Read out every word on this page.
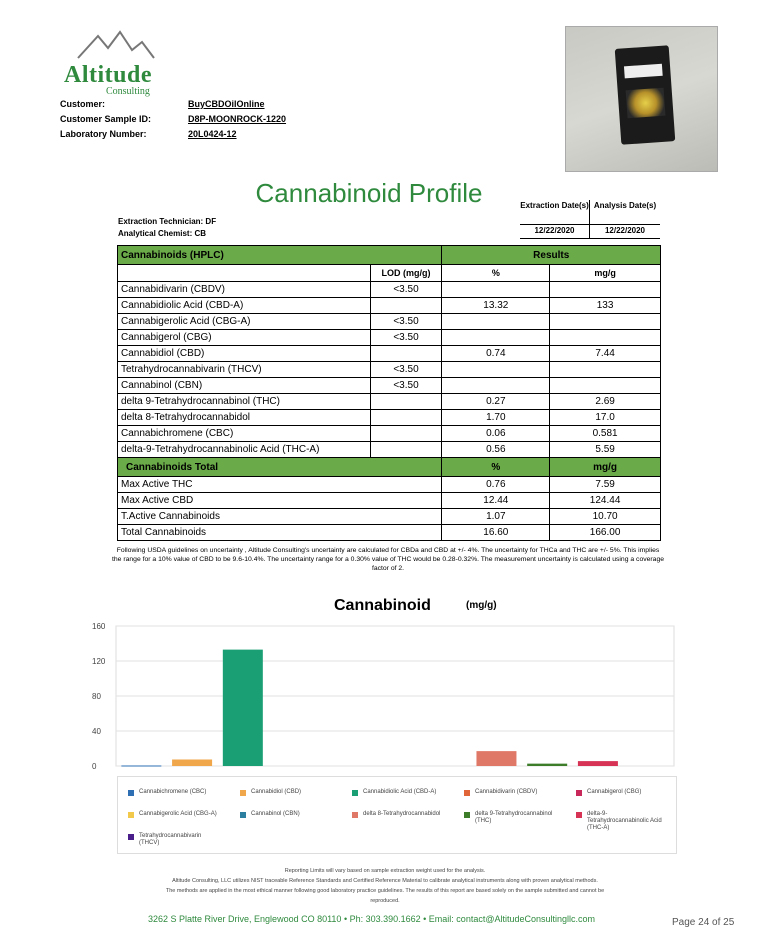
Altitude
Consulting
Customer:	BuyCBDOilOnline
Customer Sample ID:	D8P-MOONROCK-1220
Laboratory Number:	20L0424-12
Cannabinoid Profile
Extraction Technician: DF
Analytical Chemist: CB
Extraction Date(s) Analysis Date(s)
12/22/2020	12/22/2020
Cannabinoids (HPLC)		Results	
	LOD (mg/g)	%	mg/g
Cannabidivarin (CBDV)	<3.50		
Cannabidiolic Acid (CBD-A)		13.32	133
Cannabigerolic Acid (CBG-A)	<3.50		
Cannabigerol (CBG)	<3.50		
Cannabidiol (CBD)		0.74	7.44
Tetrahydrocannabivarin (THCV)	<3.50		
Cannabinol (CBN)	<3.50		
delta 9-Tetrahydrocannabinol (THC)		0.27	2.69
delta 8-Tetrahydrocannabidol		1.70	17.0
Cannabichromene (CBC)		0.06	0.581
delta-9-Tetrahydrocannabinolic Acid (THC-A)		0.56	5.59
Cannabinoids Total		%	mg/g
Max Active THC		0.76	7.59
Max Active CBD		12.44	124.44
T.Active Cannabinoids		1.07	10.70
Total Cannabinoids		16.60	166.00
Following USDA guidelines on uncertainty , Altitude Consulting's uncertainty are calculated for CBDa and CBD at +/- 4%. The uncertainty for THCa and THC are +/- 5%. This implies the range for a 10% value of CBD to be 9.6-10.4%. The uncertainty range for a 0.30% value of THC would be 0.28-0.32%. The measurement uncertainty is calculated using a coverage factor of 2.
Cannabinoid	(mg/g)
0
40
80
120
160
Cannabichromene (CBC)	Cannabidiol (CBD)	Cannabidiolic Acid (CBD-A)	Cannabidivarin (CBDV)	Cannabigerol (CBG)
Cannabigerolic Acid (CBG-A)	Cannabinol (CBN)	delta 8-Tetrahydrocannabidol	delta 9-Tetrahydrocannabinol (THC)
delta-9-Tetrahydrocannabinolic Acid (THC-A)
Tetrahydrocannabivarin (THCV)
Reporting Limits will vary based on sample extraction weight used for the analysis.
Altitude Consulting, LLC utilizes NIST traceable Reference Standards and Certified Reference Material to calibrate analytical instruments along with proven analytical methods.
The methods are applied in the most ethical manner following good laboratory practice guidelines. The results of this report are based solely on the sample submitted and cannot be
reproduced.
3262 S Platte River Drive, Englewood CO 80110 • Ph: 303.390.1662 • Email: contact@AltitudeConsultingllc.com	Page 24 of 25
